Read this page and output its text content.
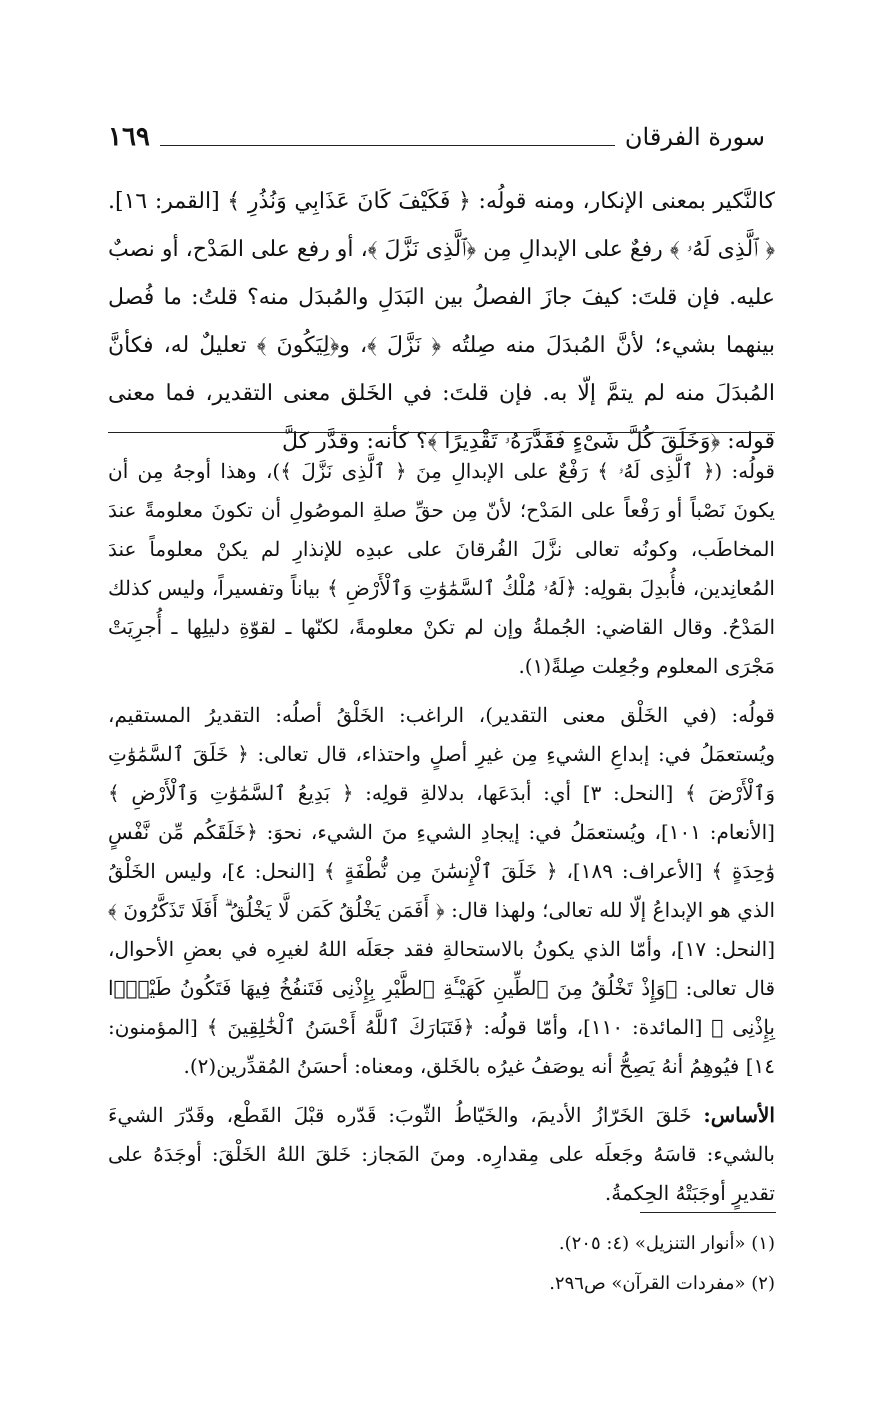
سورة الفرقان
١٦٩
كالنَّكير بمعنى الإنكار، ومنه قولُه: ﴿ فَكَيْفَ كَانَ عَذَابِي وَنُذُرِ ﴾ [القمر: ١٦]. ﴿ ٱلَّذِى لَهُۥ ﴾ رفعٌ على الإبدالِ مِن ﴿ٱلَّذِى نَزَّلَ ﴾، أو رفع على المَدْح، أو نصبٌ عليه. فإن قلتَ: كيفَ جازَ الفصلُ بين البَدَلِ والمُبدَل منه؟ قلتُ: ما فُصل بينهما بشيء؛ لأنَّ المُبدَلَ منه صِلتُه ﴿ نَزَّلَ ﴾، و﴿لِيَكُونَ ﴾ تعليلٌ له، فكأنَّ المُبدَلَ منه لم يتمَّ إلّا به. فإن قلتَ: في الخَلق معنى التقدير، فما معنى قوله: ﴿وَخَلَقَ كُلَّ شَىْءٍ فَقَدَّرَهُۥ تَقْدِيرًا ﴾؟ كأنه: وقدَّر كلَّ

قولُه: (﴿ ٱلَّذِى لَهُۥ ﴾ رَفْعٌ على الإبدالِ مِنَ ﴿ ٱلَّذِى نَزَّلَ ﴾)، وهذا أوجهُ مِن أن يكونَ نَصْباً أو رَفْعاً على المَدْح؛ لأنّ مِن حقِّ صلةِ الموصُولِ أن تكونَ معلومةً عندَ المخاطَب، وكونُه تعالى نزَّلَ الفُرقانَ على عبدِه للإنذارِ لم يكنْ معلوماً عندَ المُعانِدين، فأُبدِلَ بقولِه: ﴿لَهُۥ مُلْكُ ٱلسَّمَٰوَٰتِ وَٱلْأَرْضِ ﴾ بياناً وتفسيراً، وليس كذلك المَدْحُ. وقال القاضي: الجُملةُ وإن لم تكنْ معلومةً، لكنّها ـ لقوّةِ دليلِها ـ أُجرِيَتْ مَجْرَى المعلوم وجُعِلت صِلةً(١).

قولُه: (في الخَلْق معنى التقدير)، الراغب: الخَلْقُ أصلُه: التقديرُ المستقيم، ويُستعمَلُ في: إبداعِ الشيءِ مِن غيرِ أصلٍ واحتذاء، قال تعالى: ﴿ خَلَقَ ٱلسَّمَٰوَٰتِ وَٱلْأَرْضَ ﴾ [النحل: ٣] أي: أبدَعَها، بدلالةِ قولِه: ﴿ بَدِيعُ ٱلسَّمَٰوَٰتِ وَٱلْأَرْضِ ﴾ [الأنعام: ١٠١]، ويُستعمَلُ في: إيجادِ الشيءِ منَ الشيء، نحوَ: ﴿خَلَقَكُم مِّن نَّفْسٍ وَٰحِدَةٍ ﴾ [الأعراف: ١٨٩]، ﴿ خَلَقَ ٱلْإِنسَٰنَ مِن نُّطْفَةٍ ﴾ [النحل: ٤]، وليس الخَلْقُ الذي هو الإبداعُ إلّا لله تعالى؛ ولهذا قال: ﴿ أَفَمَن يَخْلُقُ كَمَن لَّا يَخْلُقُ ۗ أَفَلَا تَذَكَّرُونَ ﴾ [النحل: ١٧]، وأمّا الذي يكونُ بالاستحالةِ فقد جعَلَه اللهُ لغيرِه في بعضِ الأحوال، قال تعالى: ﴿وَإِذْ تَخْلُقُ مِنَ ٱلطِّينِ كَهَيْـَٔةِ ٱلطَّيْرِ بِإِذْنِى فَتَنفُخُ فِيهَا فَتَكُونُ طَيْرًۢا بِإِذْنِى ﴾ [المائدة: ١١٠]، وأمّا قولُه: ﴿فَتَبَارَكَ ٱللَّهُ أَحْسَنُ ٱلْخَٰلِقِينَ ﴾ [المؤمنون: ١٤] فيُوهِمُ أنهُ يَصِحُّ أنه يوصَفُ غيرُه بالخَلق، ومعناه: أحسَنُ المُقدِّرين(٢).

الأساس: خَلقَ الخَرّازُ الأديمَ، والخَيّاطُ الثّوبَ: قَدّره قبْلَ القَطْع، وقَدّرَ الشيءَ بالشيء: قاسَهُ وجَعلَه على مِقدارِه. ومنَ المَجاز: خَلقَ اللهُ الخَلْقَ: أوجَدَهُ على تقديرٍ أوجَبَتْهُ الحِكمةُ.

(١) «أنوار التنزيل» (٤: ٢٠٥).
(٢) «مفردات القرآن» ص٢٩٦.
